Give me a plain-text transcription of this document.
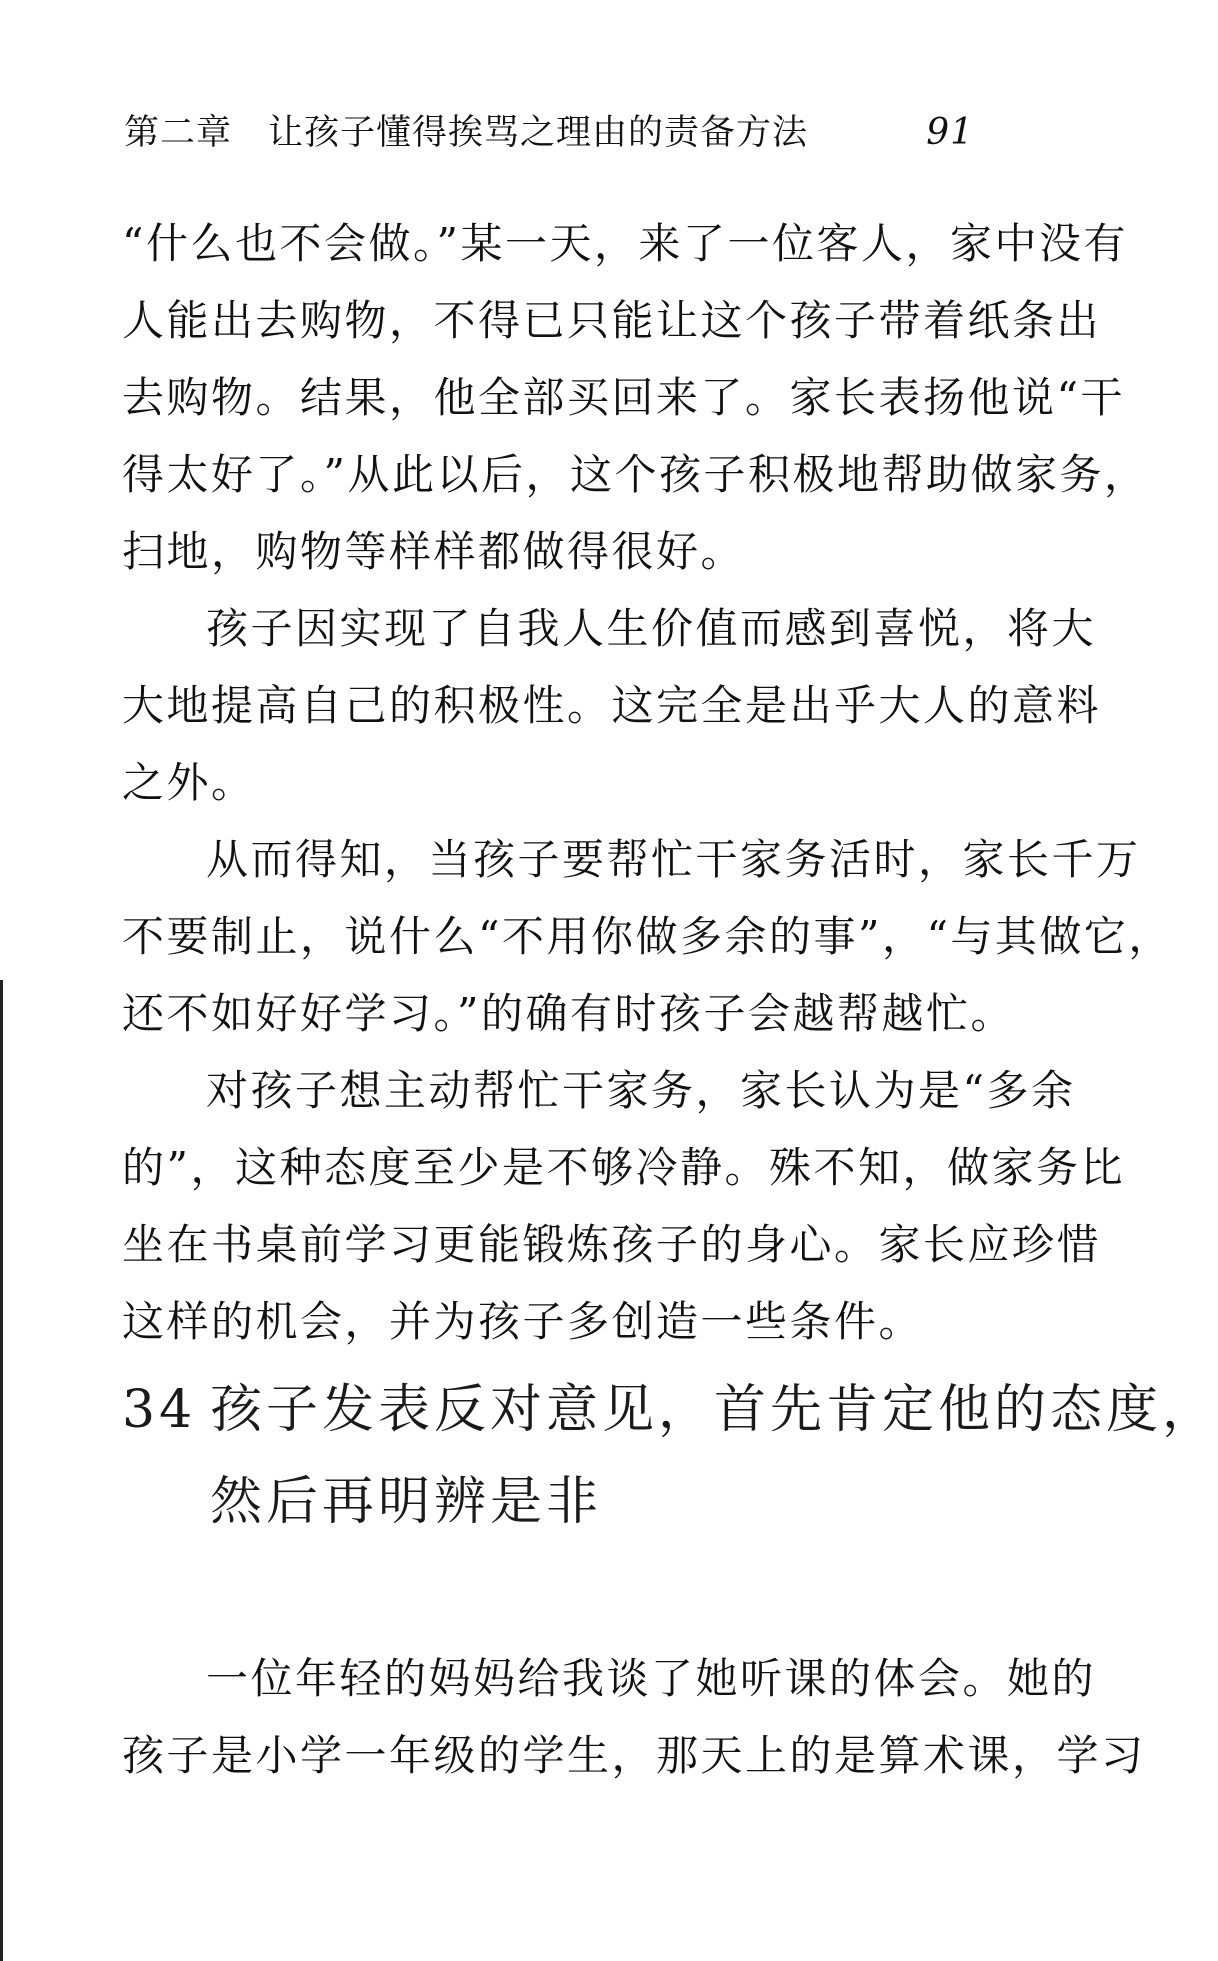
第二章　让孩子懂得挨骂之理由的责备方法	91
“什么也不会做。”某一天，来了一位客人，家中没有
人能出去购物，不得已只能让这个孩子带着纸条出
去购物。结果，他全部买回来了。家长表扬他说“干
得太好了。”从此以后，这个孩子积极地帮助做家务，
扫地，购物等样样都做得很好。
孩子因实现了自我人生价值而感到喜悦，将大
大地提高自己的积极性。这完全是出乎大人的意料
之外。
从而得知，当孩子要帮忙干家务活时，家长千万
不要制止，说什么“不用你做多余的事”，“与其做它，
还不如好好学习。”的确有时孩子会越帮越忙。
对孩子想主动帮忙干家务，家长认为是“多余
的”，这种态度至少是不够冷静。殊不知，做家务比
坐在书桌前学习更能锻炼孩子的身心。家长应珍惜
这样的机会，并为孩子多创造一些条件。
34 孩子发表反对意见，首先肯定他的态度，
然后再明辨是非
一位年轻的妈妈给我谈了她听课的体会。她的
孩子是小学一年级的学生，那天上的是算术课，学习
